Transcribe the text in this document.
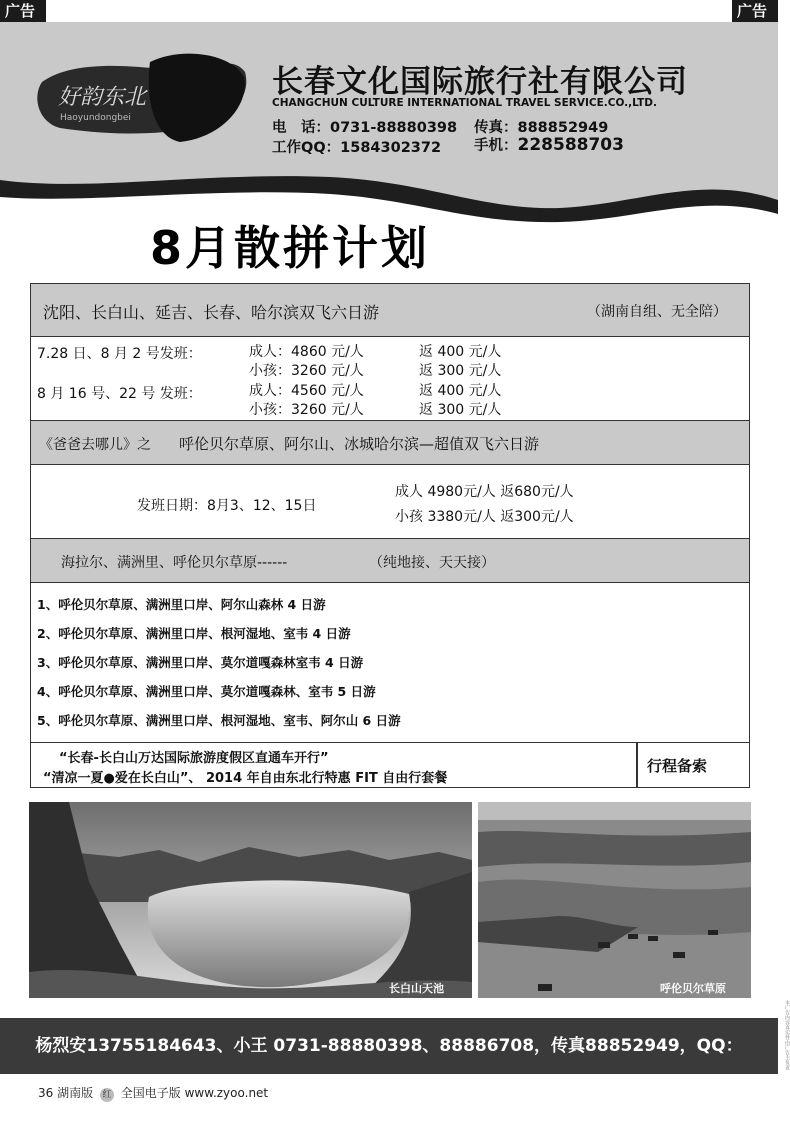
广告	广告
好韵东北
Haoyundongbei
长春文化国际旅行社有限公司
CHANGCHUN CULTURE INTERNATIONAL TRAVEL SERVICE.CO.,LTD.
电　话：0731-88880398 传真：888852949
工作QQ：1584302372 手机：228588703
8月散拼计划
沈阳、长白山、延吉、长春、哈尔滨双飞六日游	（湖南自组、无全陪）
7.28 日、8 月 2 号发班：	成人：4860 元/人	返 400 元/人
小孩：3260 元/人	返 300 元/人
8 月 16 号、22 号 发班：	成人：4560 元/人	返 400 元/人
小孩：3260 元/人	返 300 元/人
《爸爸去哪儿》之 呼伦贝尔草原、阿尔山、冰城哈尔滨—超值双飞六日游
发班日期：8月3、12、15日
成人 4980元/人 返680元/人
小孩 3380元/人 返300元/人
海拉尔、满洲里、呼伦贝尔草原------	（纯地接、天天接）
1、呼伦贝尔草原、满洲里口岸、阿尔山森林 4 日游
2、呼伦贝尔草原、满洲里口岸、根河湿地、室韦 4 日游
3、呼伦贝尔草原、满洲里口岸、莫尔道嘎森林室韦 4 日游
4、呼伦贝尔草原、满洲里口岸、莫尔道嘎森林、室韦 5 日游
5、呼伦贝尔草原、满洲里口岸、根河湿地、室韦、阿尔山 6 日游
“长春-长白山万达国际旅游度假区直通车开行”
“清凉一夏●爱在长白山”、 2014 年自由东北行特惠 FIT 自由行套餐
行程备索
长白山天池	呼伦贝尔草原
杨烈安13755184643、小王 0731-88880398、88886708，传真88852949，QQ：228588703
本广告内容真实性由广告主负责
36 湖南版 红 全国电子版 www.zyoo.net
